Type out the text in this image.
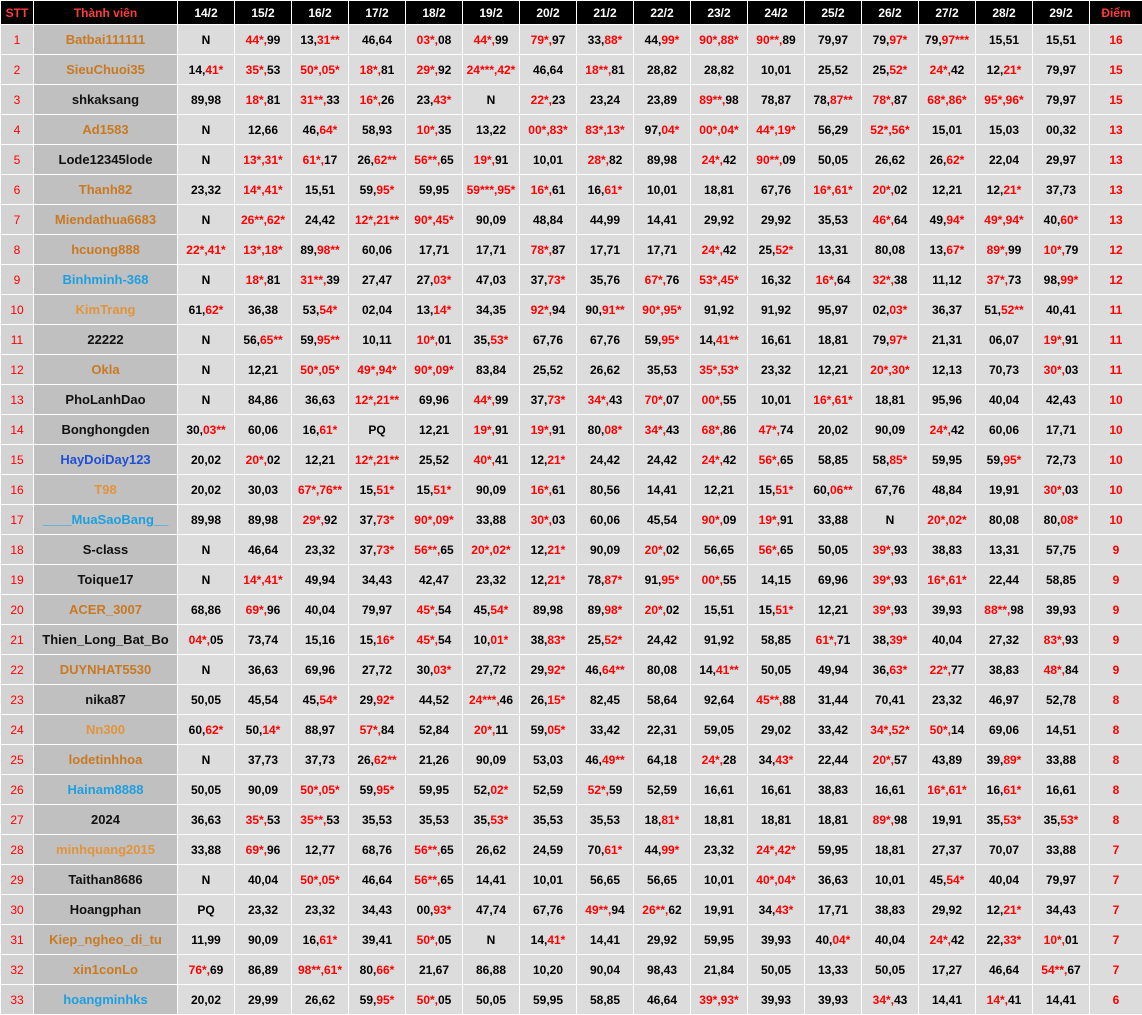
STT	Thành viên	14/2	15/2	16/2	17/2	18/2	19/2	20/2	21/2	22/2	23/2	24/2	25/2	26/2	27/2	28/2	29/2	Điểm
1	Batbai111111	N	44*,99	13,31**	46,64	03*,08	44*,99	79*,97	33,88*	44,99*	90*,88*	90**,89	79,97	79,97*	79,97***	15,51	15,51	16
2	SieuChuoi35	14,41*	35*,53	50*,05*	18*,81	29*,92	24***,42*	46,64	18**,81	28,82	28,82	10,01	25,52	25,52*	24*,42	12,21*	79,97	15
3	shkaksang	89,98	18*,81	31**,33	16*,26	23,43*	N	22*,23	23,24	23,89	89**,98	78,87	78,87**	78*,87	68*,86*	95*,96*	79,97	15
4	Ad1583	N	12,66	46,64*	58,93	10*,35	13,22	00*,83*	83*,13*	97,04*	00*,04*	44*,19*	56,29	52*,56*	15,01	15,03	00,32	13
5	Lode12345lode	N	13*,31*	61*,17	26,62**	56**,65	19*,91	10,01	28*,82	89,98	24*,42	90**,09	50,05	26,62	26,62*	22,04	29,97	13
6	Thanh82	23,32	14*,41*	15,51	59,95*	59,95	59***,95*	16*,61	16,61*	10,01	18,81	67,76	16*,61*	20*,02	12,21	12,21*	37,73	13
7	Miendathua6683	N	26**,62*	24,42	12*,21**	90*,45*	90,09	48,84	44,99	14,41	29,92	29,92	35,53	46*,64	49,94*	49*,94*	40,60*	13
8	hcuong888	22*,41*	13*,18*	89,98**	60,06	17,71	17,71	78*,87	17,71	17,71	24*,42	25,52*	13,31	80,08	13,67*	89*,99	10*,79	12
9	Binhminh-368	N	18*,81	31**,39	27,47	27,03*	47,03	37,73*	35,76	67*,76	53*,45*	16,32	16*,64	32*,38	11,12	37*,73	98,99*	12
10	KimTrang	61,62*	36,38	53,54*	02,04	13,14*	34,35	92*,94	90,91**	90*,95*	91,92	91,92	95,97	02,03*	36,37	51,52**	40,41	11
11	22222	N	56,65**	59,95**	10,11	10*,01	35,53*	67,76	67,76	59,95*	14,41**	16,61	18,81	79,97*	21,31	06,07	19*,91	11
12	Okla	N	12,21	50*,05*	49*,94*	90*,09*	83,84	25,52	26,62	35,53	35*,53*	23,32	12,21	20*,30*	12,13	70,73	30*,03	11
13	PhoLanhDao	N	84,86	36,63	12*,21**	69,96	44*,99	37,73*	34*,43	70*,07	00*,55	10,01	16*,61*	18,81	95,96	40,04	42,43	10
14	Bonghongden	30,03**	60,06	16,61*	PQ	12,21	19*,91	19*,91	80,08*	34*,43	68*,86	47*,74	20,02	90,09	24*,42	60,06	17,71	10
15	HayDoiDay123	20,02	20*,02	12,21	12*,21**	25,52	40*,41	12,21*	24,42	24,42	24*,42	56*,65	58,85	58,85*	59,95	59,95*	72,73	10
16	T98	20,02	30,03	67*,76**	15,51*	15,51*	90,09	16*,61	80,56	14,41	12,21	15,51*	60,06**	67,76	48,84	19,91	30*,03	10
17	____MuaSaoBang__	89,98	89,98	29*,92	37,73*	90*,09*	33,88	30*,03	60,06	45,54	90*,09	19*,91	33,88	N	20*,02*	80,08	80,08*	10
18	S-class	N	46,64	23,32	37,73*	56**,65	20*,02*	12,21*	90,09	20*,02	56,65	56*,65	50,05	39*,93	38,83	13,31	57,75	9
19	Toique17	N	14*,41*	49,94	34,43	42,47	23,32	12,21*	78,87*	91,95*	00*,55	14,15	69,96	39*,93	16*,61*	22,44	58,85	9
20	ACER_3007	68,86	69*,96	40,04	79,97	45*,54	45,54*	89,98	89,98*	20*,02	15,51	15,51*	12,21	39*,93	39,93	88**,98	39,93	9
21	Thien_Long_Bat_Bo	04*,05	73,74	15,16	15,16*	45*,54	10,01*	38,83*	25,52*	24,42	91,92	58,85	61*,71	38,39*	40,04	27,32	83*,93	9
22	DUYNHAT5530	N	36,63	69,96	27,72	30,03*	27,72	29,92*	46,64**	80,08	14,41**	50,05	49,94	36,63*	22*,77	38,83	48*,84	9
23	nika87	50,05	45,54	45,54*	29,92*	44,52	24***,46	26,15*	82,45	58,64	92,64	45**,88	31,44	70,41	23,32	46,97	52,78	8
24	Nn300	60,62*	50,14*	88,97	57*,84	52,84	20*,11	59,05*	33,42	22,31	59,05	29,02	33,42	34*,52*	50*,14	69,06	14,51	8
25	lodetinhhoa	N	37,73	37,73	26,62**	21,26	90,09	53,03	46,49**	64,18	24*,28	34,43*	22,44	20*,57	43,89	39,89*	33,88	8
26	Hainam8888	50,05	90,09	50*,05*	59,95*	59,95	52,02*	52,59	52*,59	52,59	16,61	16,61	38,83	16,61	16*,61*	16,61*	16,61	8
27	2024	36,63	35*,53	35**,53	35,53	35,53	35,53*	35,53	35,53	18,81*	18,81	18,81	18,81	89*,98	19,91	35,53*	35,53*	8
28	minhquang2015	33,88	69*,96	12,77	68,76	56**,65	26,62	24,59	70,61*	44,99*	23,32	24*,42*	59,95	18,81	27,37	70,07	33,88	7
29	Taithan8686	N	40,04	50*,05*	46,64	56**,65	14,41	10,01	56,65	56,65	10,01	40*,04*	36,63	10,01	45,54*	40,04	79,97	7
30	Hoangphan	PQ	23,32	23,32	34,43	00,93*	47,74	67,76	49**,94	26**,62	19,91	34,43*	17,71	38,83	29,92	12,21*	34,43	7
31	Kiep_ngheo_di_tu	11,99	90,09	16,61*	39,41	50*,05	N	14,41*	14,41	29,92	59,95	39,93	40,04*	40,04	24*,42	22,33*	10*,01	7
32	xin1conLo	76*,69	86,89	98**,61*	80,66*	21,67	86,88	10,20	90,04	98,43	21,84	50,05	13,33	50,05	17,27	46,64	54**,67	7
33	hoangminhks	20,02	29,99	26,62	59,95*	50*,05	50,05	59,95	58,85	46,64	39*,93*	39,93	39,93	34*,43	14,41	14*,41	14,41	6
